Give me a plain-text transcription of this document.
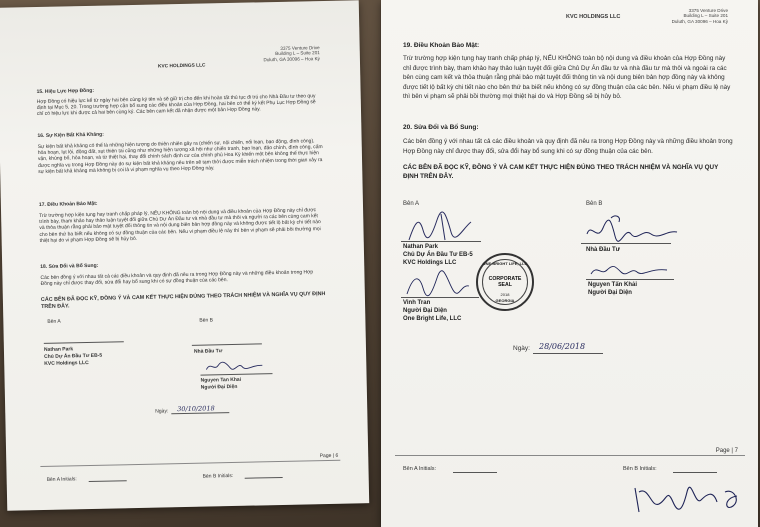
3375 Venture Drive
Building L – Suite 201
Duluth, GA 30096 – Hoa Kỳ
KVC HOLDINGS LLC
15. Hiệu Lực Hợp Đồng:
Hợp Đồng có hiệu lực kể từ ngày hai bên cùng ký tên và sẽ giữ trị cho đến khi hoàn tất thủ tục đi trú cho Nhà Đầu tư theo quy định tại Mục 5, 20. Trong trường hợp cần bổ sung các điều khoản của Hợp Đồng, hai bên có thể ký kết Phụ Lục Hợp Đồng sẽ chỉ có hiệu lực khi được cả hai bên cùng ký. Các bên cam kết đã nhận được một bản Hợp Đồng này.
16. Sự Kiện Bất Khả Kháng:
Sự kiện bất khả kháng có thể là những hiện tượng do thiên nhiên gây ra (chiến sự, nội chiến, nổi loạn, bạo động, đình công), hỏa hoạn, lụt lội, động đất, sụt thiên tai cũng như những hiện tượng xã hội như chiến tranh, bạo loạn, đảo chính, đình công, cấm vận, khủng bố, hỏa hoạn, và từ thiệt hại, thay đổi chính sách định cư của chính phủ Hoa Kỳ khiến một bên không thể thực hiện được nghĩa vụ trong Hợp Đồng này do sự kiện bất khả kháng nêu trên sẽ tạm thời được miễn trách nhiệm trong thời gian xảy ra sự kiện bất khả kháng mà không bị coi là vi phạm nghĩa vụ theo Hợp Đồng này.
17. Điều Khoản Bảo Mật:
Trừ trường hợp kiện tụng hay tranh chấp pháp lý, NẾU KHÔNG toàn bộ nội dung và điều khoản của Hợp Đồng này chỉ được trình bày, tham khảo hay thảo luận tuyệt đối giữa Chủ Dự Án Đầu tư và nhà đầu tư mà thôi và người ra các bên cùng cam kết và thỏa thuận rằng phải bảo mật tuyệt đối thông tin và nội dung biên bản hợp đồng này và không được tiết lộ bất kỳ chi tiết nào cho bên thứ ba biết nếu không có sự đồng thuận của các bên. Nếu vi phạm điều lệ này thì bên vi phạm sẽ phải bồi thường mọi thiệt hại do vi phạm Hợp Đồng sẽ bị hủy bỏ.
18. Sửa Đổi và Bổ Sung:
Các bên đồng ý với nhau tất cả các điều khoản và quy định đã nêu ra trong Hợp Đồng này và những điều khoản trong Hợp Đồng này chỉ được thay đổi, sửa đổi hay bổ sung khi có sự đồng thuận của các bên.
CÁC BÊN ĐÃ ĐỌC KỸ, ĐỒNG Ý VÀ CAM KẾT THỰC HIỆN ĐÚNG THEO TRÁCH NHIỆM VÀ NGHĨA VỤ QUY ĐỊNH TRÊN ĐÂY.
Bên A	Bên B
Nathan Park
Chủ Dự Án Đầu Tư EB-5
KVC Holdings LLC
Nhà Đầu Tư
Nguyen Tan Khai
Người Đại Diện
Ngày: 30/10/2018
Page | 6
Bên A Initials:	Bên B Initials:
3375 Venture Drive
Building L – Suite 201
Duluth, GA 30096 – Hoa Kỳ
KVC HOLDINGS LLC
19. Điều Khoản Bảo Mật:
Trừ trường hợp kiện tụng hay tranh chấp pháp lý, NẾU KHÔNG toàn bộ nội dung và điều khoản của Hợp Đồng này chỉ được trình bày, tham khảo hay thảo luận tuyệt đối giữa Chủ Dự Án đầu tư và nhà đầu tư mà thôi và ngoài ra các bên cùng cam kết và thỏa thuận rằng phải bảo mật tuyệt đối thông tin và nội dung biên bản hợp đồng này và không được tiết lộ bất kỳ chi tiết nào cho bên thứ ba biết nếu không có sự đồng thuận của các bên. Nếu vi phạm điều lệ này thì bên vi phạm sẽ phải bồi thường mọi thiệt hại do và Hợp Đồng sẽ bị hủy bỏ.
20. Sửa Đổi và Bổ Sung:
Các bên đồng ý với nhau tất cả các điều khoản và quy định đã nêu ra trong Hợp Đồng này và những điều khoản trong Hợp Đồng này chỉ được thay đổi, sửa đổi hay bổ sung khi có sự đồng thuận của các bên.
CÁC BÊN ĐÃ ĐỌC KỸ, ĐỒNG Ý VÀ CAM KẾT THỰC HIỆN ĐÚNG THEO TRÁCH NHIỆM VÀ NGHĨA VỤ QUY ĐỊNH TRÊN ĐÂY.
Bên A	Bên B
Nathan Park
Chủ Dự Án Đầu Tư EB-5
KVC Holdings LLC
Nhà Đầu Tư
Nguyen Tấn Khải
Người Đại Diện
Vinh Tran
Người Đại Diện
One Bright Life, LLC
ONE BRIGHT LIFE, LLC
CORPORATE SEAL
2018
GEORGIA
Ngày: 28/06/2018
Page | 7
Bên A Initials:	Bên B Initials:
